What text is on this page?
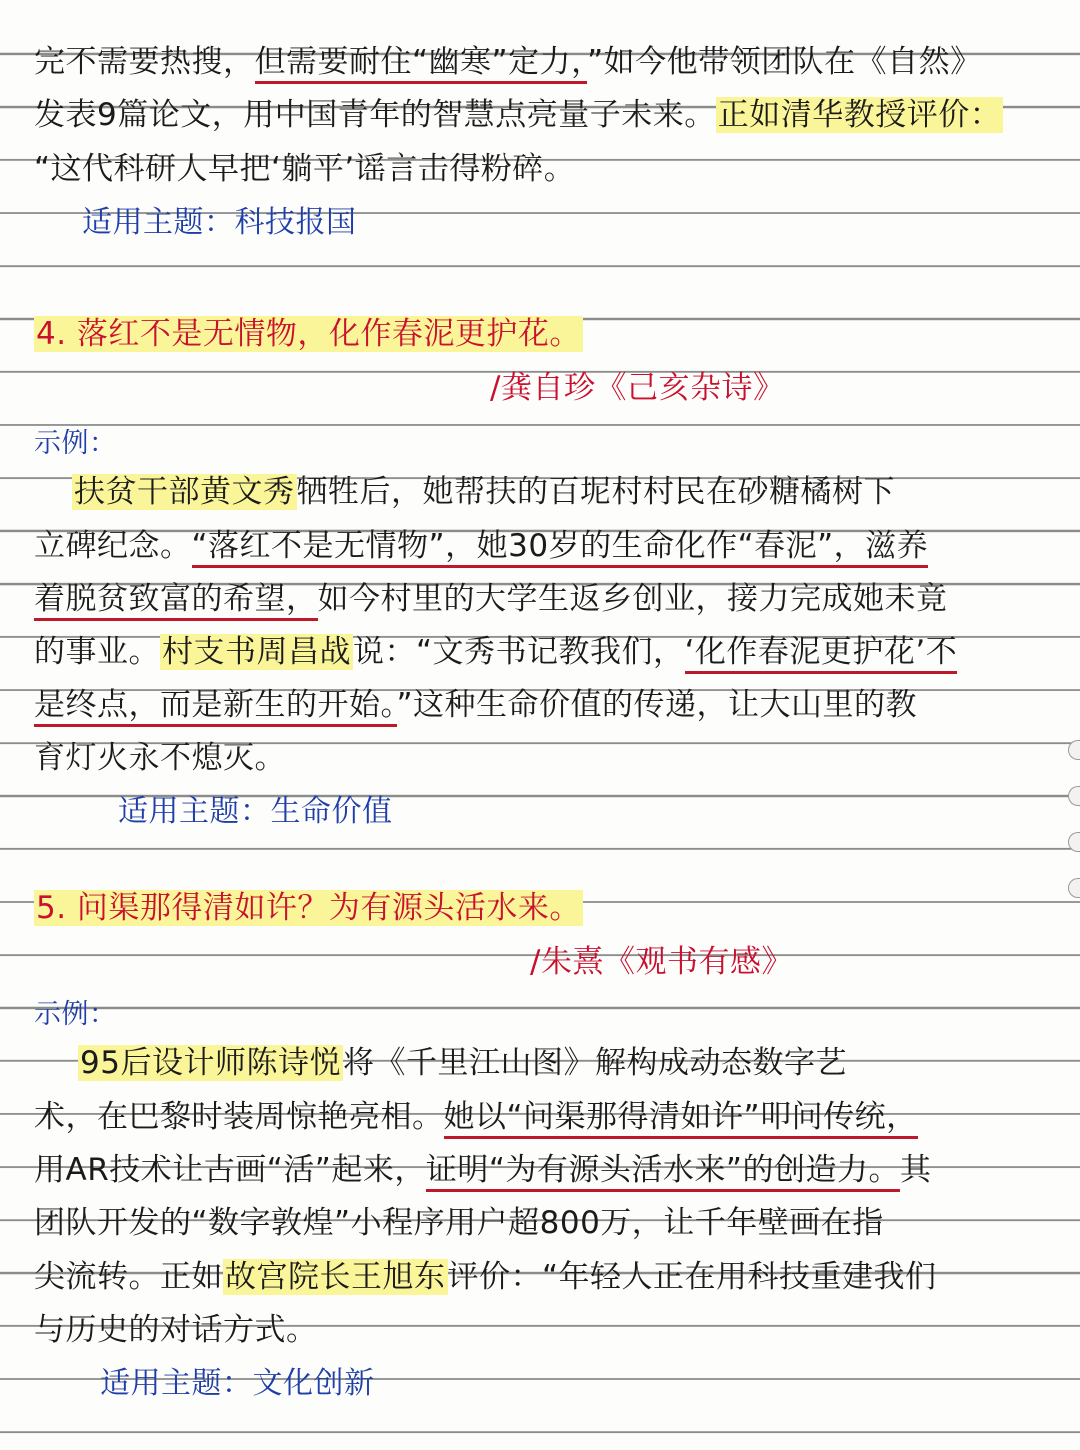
完不需要热搜，但需要耐住“幽寒”定力，”如今他带领团队在《自然》
发表9篇论文，用中国青年的智慧点亮量子未来。正如清华教授评价：
“这代科研人早把‘躺平’谣言击得粉碎。
适用主题：科技报国
4. 落红不是无情物，化作春泥更护花。
/龚自珍《己亥杂诗》
示例：
扶贫干部黄文秀牺牲后，她帮扶的百坭村村民在砂糖橘树下
立碑纪念。“落红不是无情物”，她30岁的生命化作“春泥”，滋养
着脱贫致富的希望，如今村里的大学生返乡创业，接力完成她未竟
的事业。村支书周昌战说：“文秀书记教我们，‘化作春泥更护花’不
是终点，而是新生的开始。”这种生命价值的传递，让大山里的教
育灯火永不熄灭。
适用主题：生命价值
5. 问渠那得清如许？为有源头活水来。
/朱熹《观书有感》
示例：
95后设计师陈诗悦将《千里江山图》解构成动态数字艺
术，在巴黎时装周惊艳亮相。她以“问渠那得清如许”叩问传统，
用AR技术让古画“活”起来，证明“为有源头活水来”的创造力。其
团队开发的“数字敦煌”小程序用户超800万，让千年壁画在指
尖流转。正如故宫院长王旭东评价：“年轻人正在用科技重建我们
与历史的对话方式。
适用主题：文化创新
